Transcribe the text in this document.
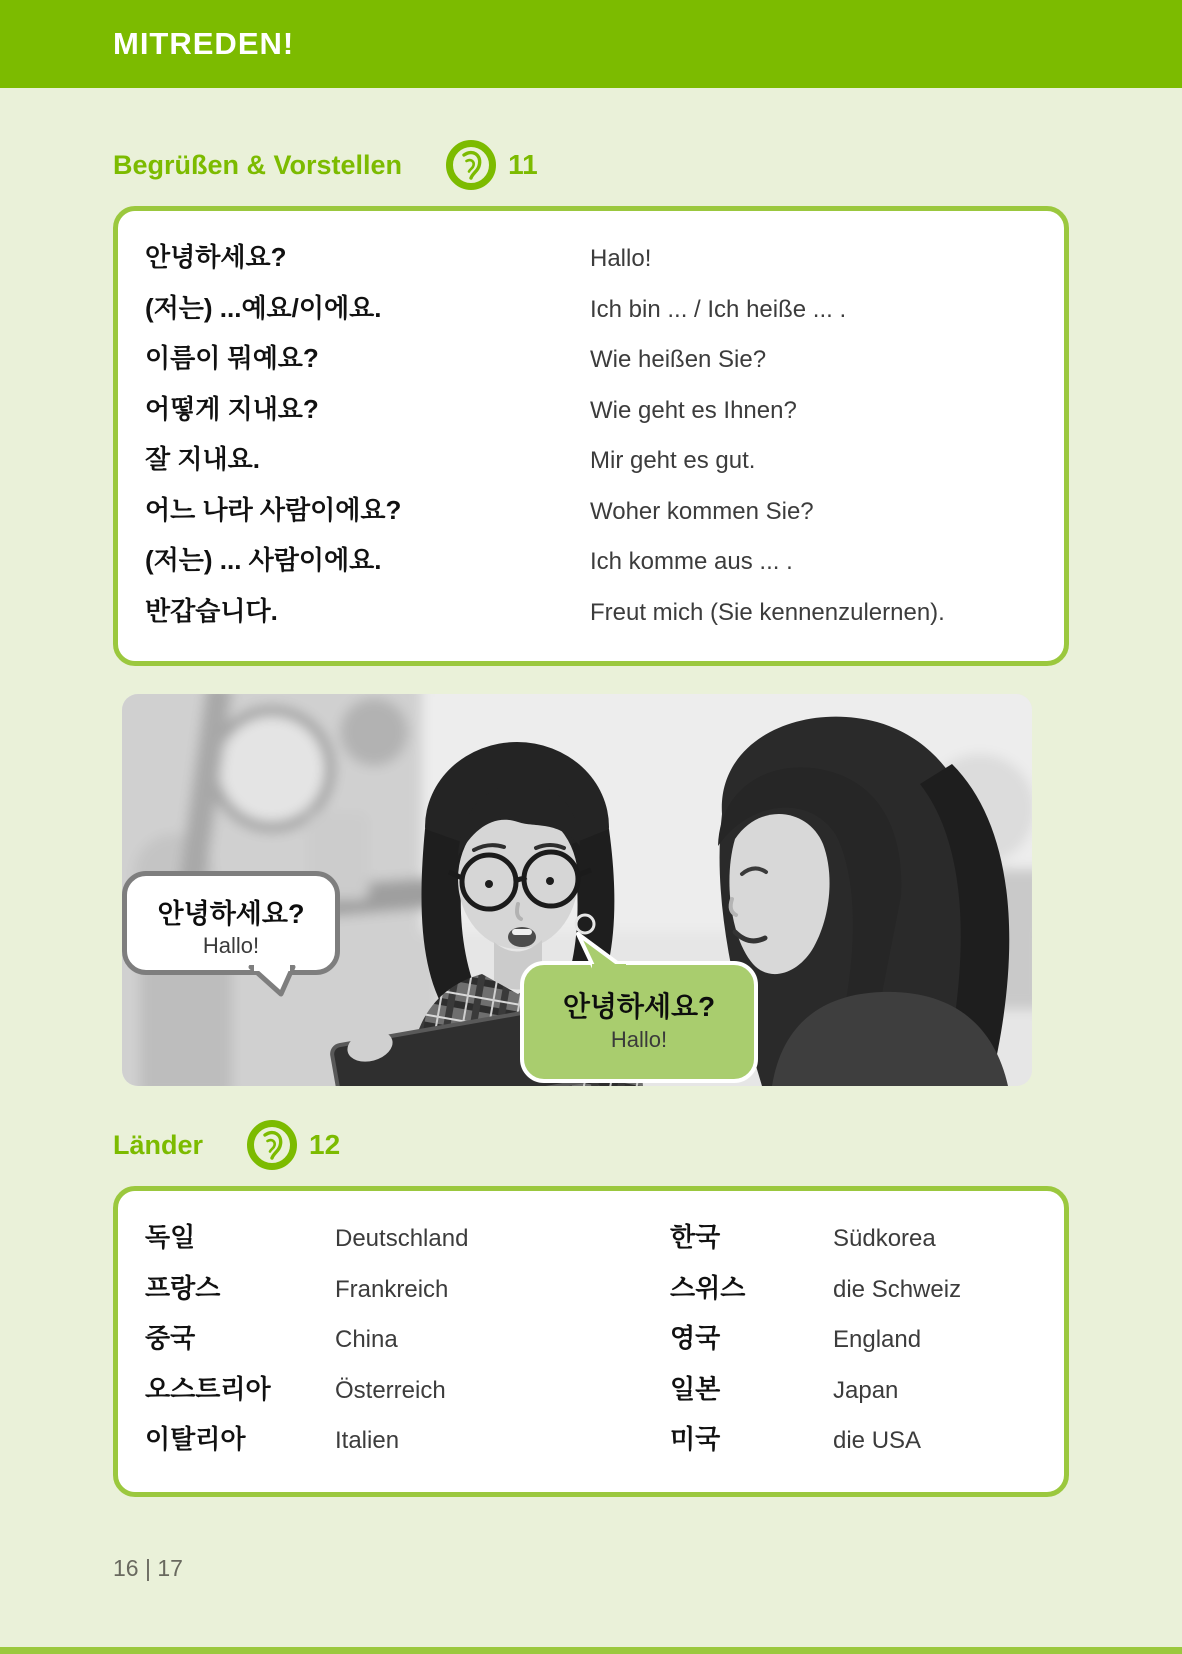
MITREDEN!
Begrüßen & Vorstellen	11
안녕하세요?	Hallo!
(저는) ...예요/이에요.	Ich bin ... / Ich heiße ... .
이름이 뭐예요?	Wie heißen Sie?
어떻게 지내요?	Wie geht es Ihnen?
잘 지내요.	Mir geht es gut.
어느 나라 사람이에요?	Woher kommen Sie?
(저는) ... 사람이에요.	Ich komme aus ... .
반갑습니다.	Freut mich (Sie kennenzulernen).
안녕하세요?
Hallo!
안녕하세요?
Hallo!
Länder	12
독일	Deutschland	한국	Südkorea
프랑스	Frankreich	스위스	die Schweiz
중국	China	영국	England
오스트리아	Österreich	일본	Japan
이탈리아	Italien	미국	die USA
16 | 17
